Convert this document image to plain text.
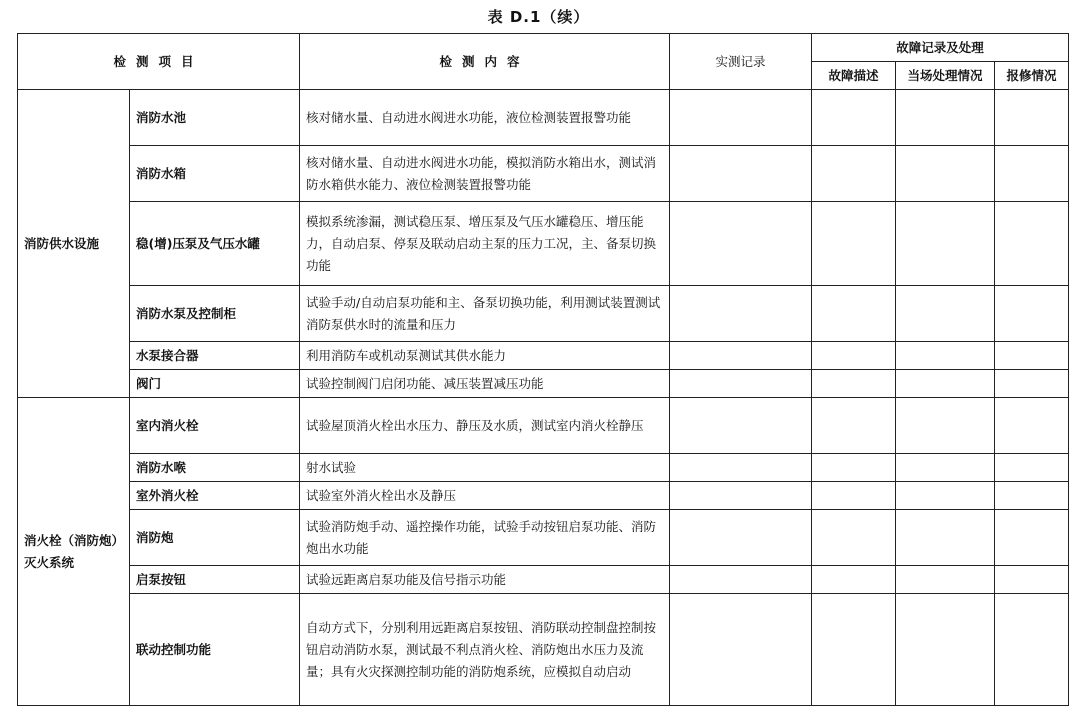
表 D.1（续）
检测项目		检测内容	实测记录	故障记录及处理		
				故障描述	当场处理情况	报修情况
消防供水设施	消防水池	核对储水量、自动进水阀进水功能，液位检测装置报警功能				
	消防水箱	核对储水量、自动进水阀进水功能，模拟消防水箱出水，测试消防水箱供水能力、液位检测装置报警功能				
	稳(增)压泵及气压水罐	模拟系统渗漏，测试稳压泵、增压泵及气压水罐稳压、增压能力，自动启泵、停泵及联动启动主泵的压力工况，主、备泵切换功能				
	消防水泵及控制柜	试验手动/自动启泵功能和主、备泵切换功能，利用测试装置测试消防泵供水时的流量和压力				
	水泵接合器	利用消防车或机动泵测试其供水能力				
	阀门	试验控制阀门启闭功能、减压装置减压功能				
消火栓（消防炮）灭火系统	室内消火栓	试验屋顶消火栓出水压力、静压及水质，测试室内消火栓静压				
	消防水喉	射水试验				
	室外消火栓	试验室外消火栓出水及静压				
	消防炮	试验消防炮手动、遥控操作功能，试验手动按钮启泵功能、消防炮出水功能				
	启泵按钮	试验远距离启泵功能及信号指示功能				
	联动控制功能	自动方式下，分别利用远距离启泵按钮、消防联动控制盘控制按钮启动消防水泵，测试最不利点消火栓、消防炮出水压力及流量；具有火灾探测控制功能的消防炮系统，应模拟自动启动				
